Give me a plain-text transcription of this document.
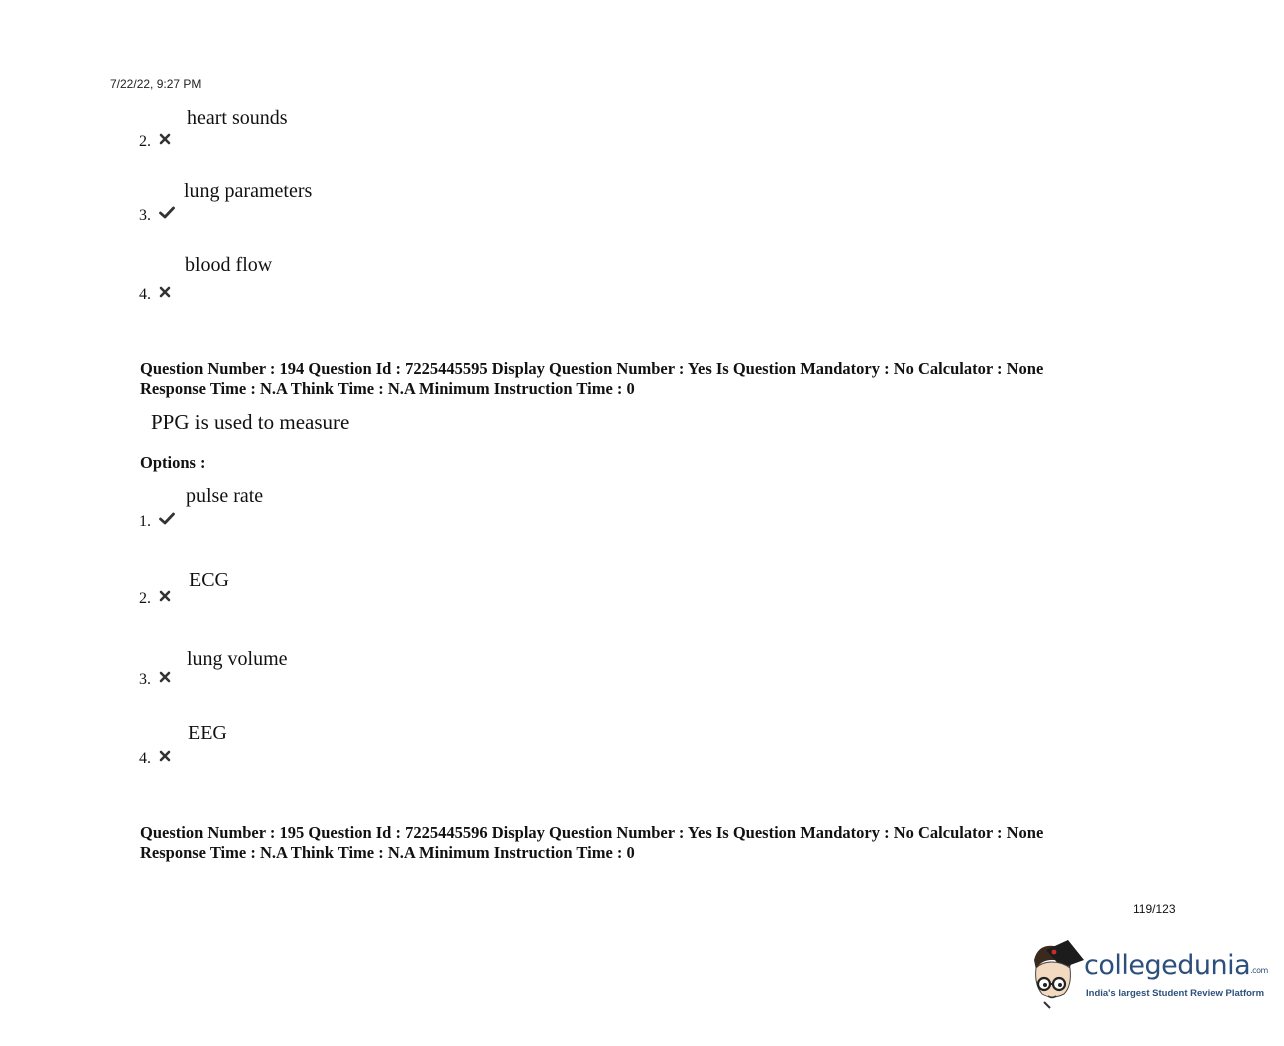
7/22/22, 9:27 PM
heart sounds
2.
lung parameters
3.
blood flow
4.
Question Number : 194 Question Id : 7225445595 Display Question Number : Yes Is Question Mandatory : No Calculator : None
Response Time : N.A Think Time : N.A Minimum Instruction Time : 0
PPG is used to measure
Options :
pulse rate
1.
ECG
2.
lung volume
3.
EEG
4.
Question Number : 195 Question Id : 7225445596 Display Question Number : Yes Is Question Mandatory : No Calculator : None
Response Time : N.A Think Time : N.A Minimum Instruction Time : 0
119/123
collegedunia.com
India's largest Student Review Platform
